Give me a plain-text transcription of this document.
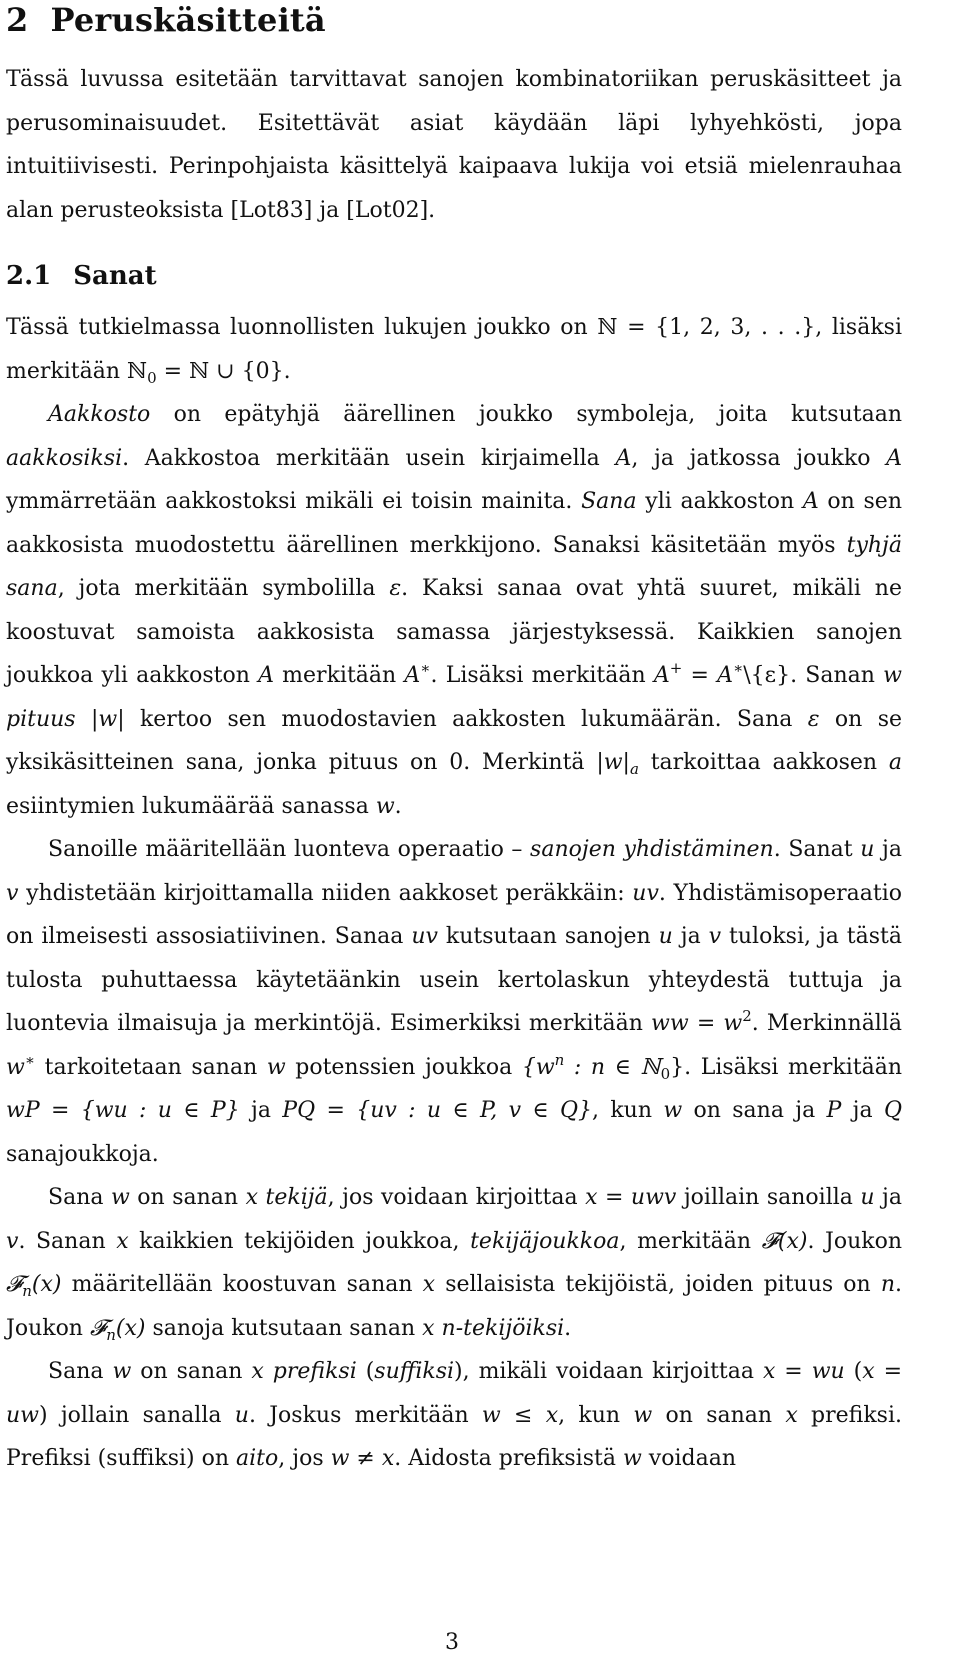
2 Peruskäsitteitä

Tässä luvussa esitetään tarvittavat sanojen kombinatoriikan peruskäsitteet ja perusominaisuudet. Esitettävät asiat käydään läpi lyhyehkösti, jopa intuitiivisesti. Perinpohjaista käsittelyä kaipaava lukija voi etsiä mielenrauhaa alan perusteoksista [Lot83] ja [Lot02].

2.1 Sanat

Tässä tutkielmassa luonnollisten lukujen joukko on ℕ = {1, 2, 3, . . .}, lisäksi merkitään ℕ$_0$ = ℕ ∪ {0}.

Aakkosto on epätyhjä äärellinen joukko symboleja, joita kutsutaan aakkosiksi. Aakkostoa merkitään usein kirjaimella A, ja jatkossa joukko A ymmärretään aakkostoksi mikäli ei toisin mainita. Sana yli aakkoston A on sen aakkosista muodostettu äärellinen merkkijono. Sanaksi käsitetään myös tyhjä sana, jota merkitään symbolilla ε. Kaksi sanaa ovat yhtä suuret, mikäli ne koostuvat samoista aakkosista samassa järjestyksessä. Kaikkien sanojen joukkoa yli aakkoston A merkitään A∗. Lisäksi merkitään A+ = A∗\{ε}. Sanan w pituus |w| kertoo sen muodostavien aakkosten lukumäärän. Sana ε on se yksikäsitteinen sana, jonka pituus on 0. Merkintä $|w|_a$ tarkoittaa aakkosen a esiintymien lukumäärää sanassa w.

Sanoille määritellään luonteva operaatio – sanojen yhdistäminen. Sanat u ja v yhdistetään kirjoittamalla niiden aakkoset peräkkäin: uv. Yhdistämisoperaatio on ilmeisesti assosiatiivinen. Sanaa uv kutsutaan sanojen u ja v tuloksi, ja tästä tulosta puhuttaessa käytetäänkin usein kertolaskun yhteydestä tuttuja ja luontevia ilmaisuja ja merkintöjä. Esimerkiksi merkitään ww = $w^2$. Merkinnällä w∗ tarkoitetaan sanan w potenssien joukkoa {$w^n$ : n ∈ ℕ$_0$}. Lisäksi merkitään wP = {wu : u ∈ P} ja PQ = {uv : u ∈ P, v ∈ Q}, kun w on sana ja P ja Q sanajoukkoja.

Sana w on sanan x tekijä, jos voidaan kirjoittaa x = uwv joillain sanoilla u ja v. Sanan x kaikkien tekijöiden joukkoa, tekijäjoukkoa, merkitään 𝓕(x). Joukon 𝓕$_n$(x) määritellään koostuvan sanan x sellaisista tekijöistä, joiden pituus on n. Joukon 𝓕$_n$(x) sanoja kutsutaan sanan x n-tekijöiksi.

Sana w on sanan x prefiksi (suffiksi), mikäli voidaan kirjoittaa x = wu (x = uw) jollain sanalla u. Joskus merkitään w ≤ x, kun w on sanan x prefiksi. Prefiksi (suffiksi) on aito, jos w ≠ x. Aidosta prefiksistä w voidaan

3
